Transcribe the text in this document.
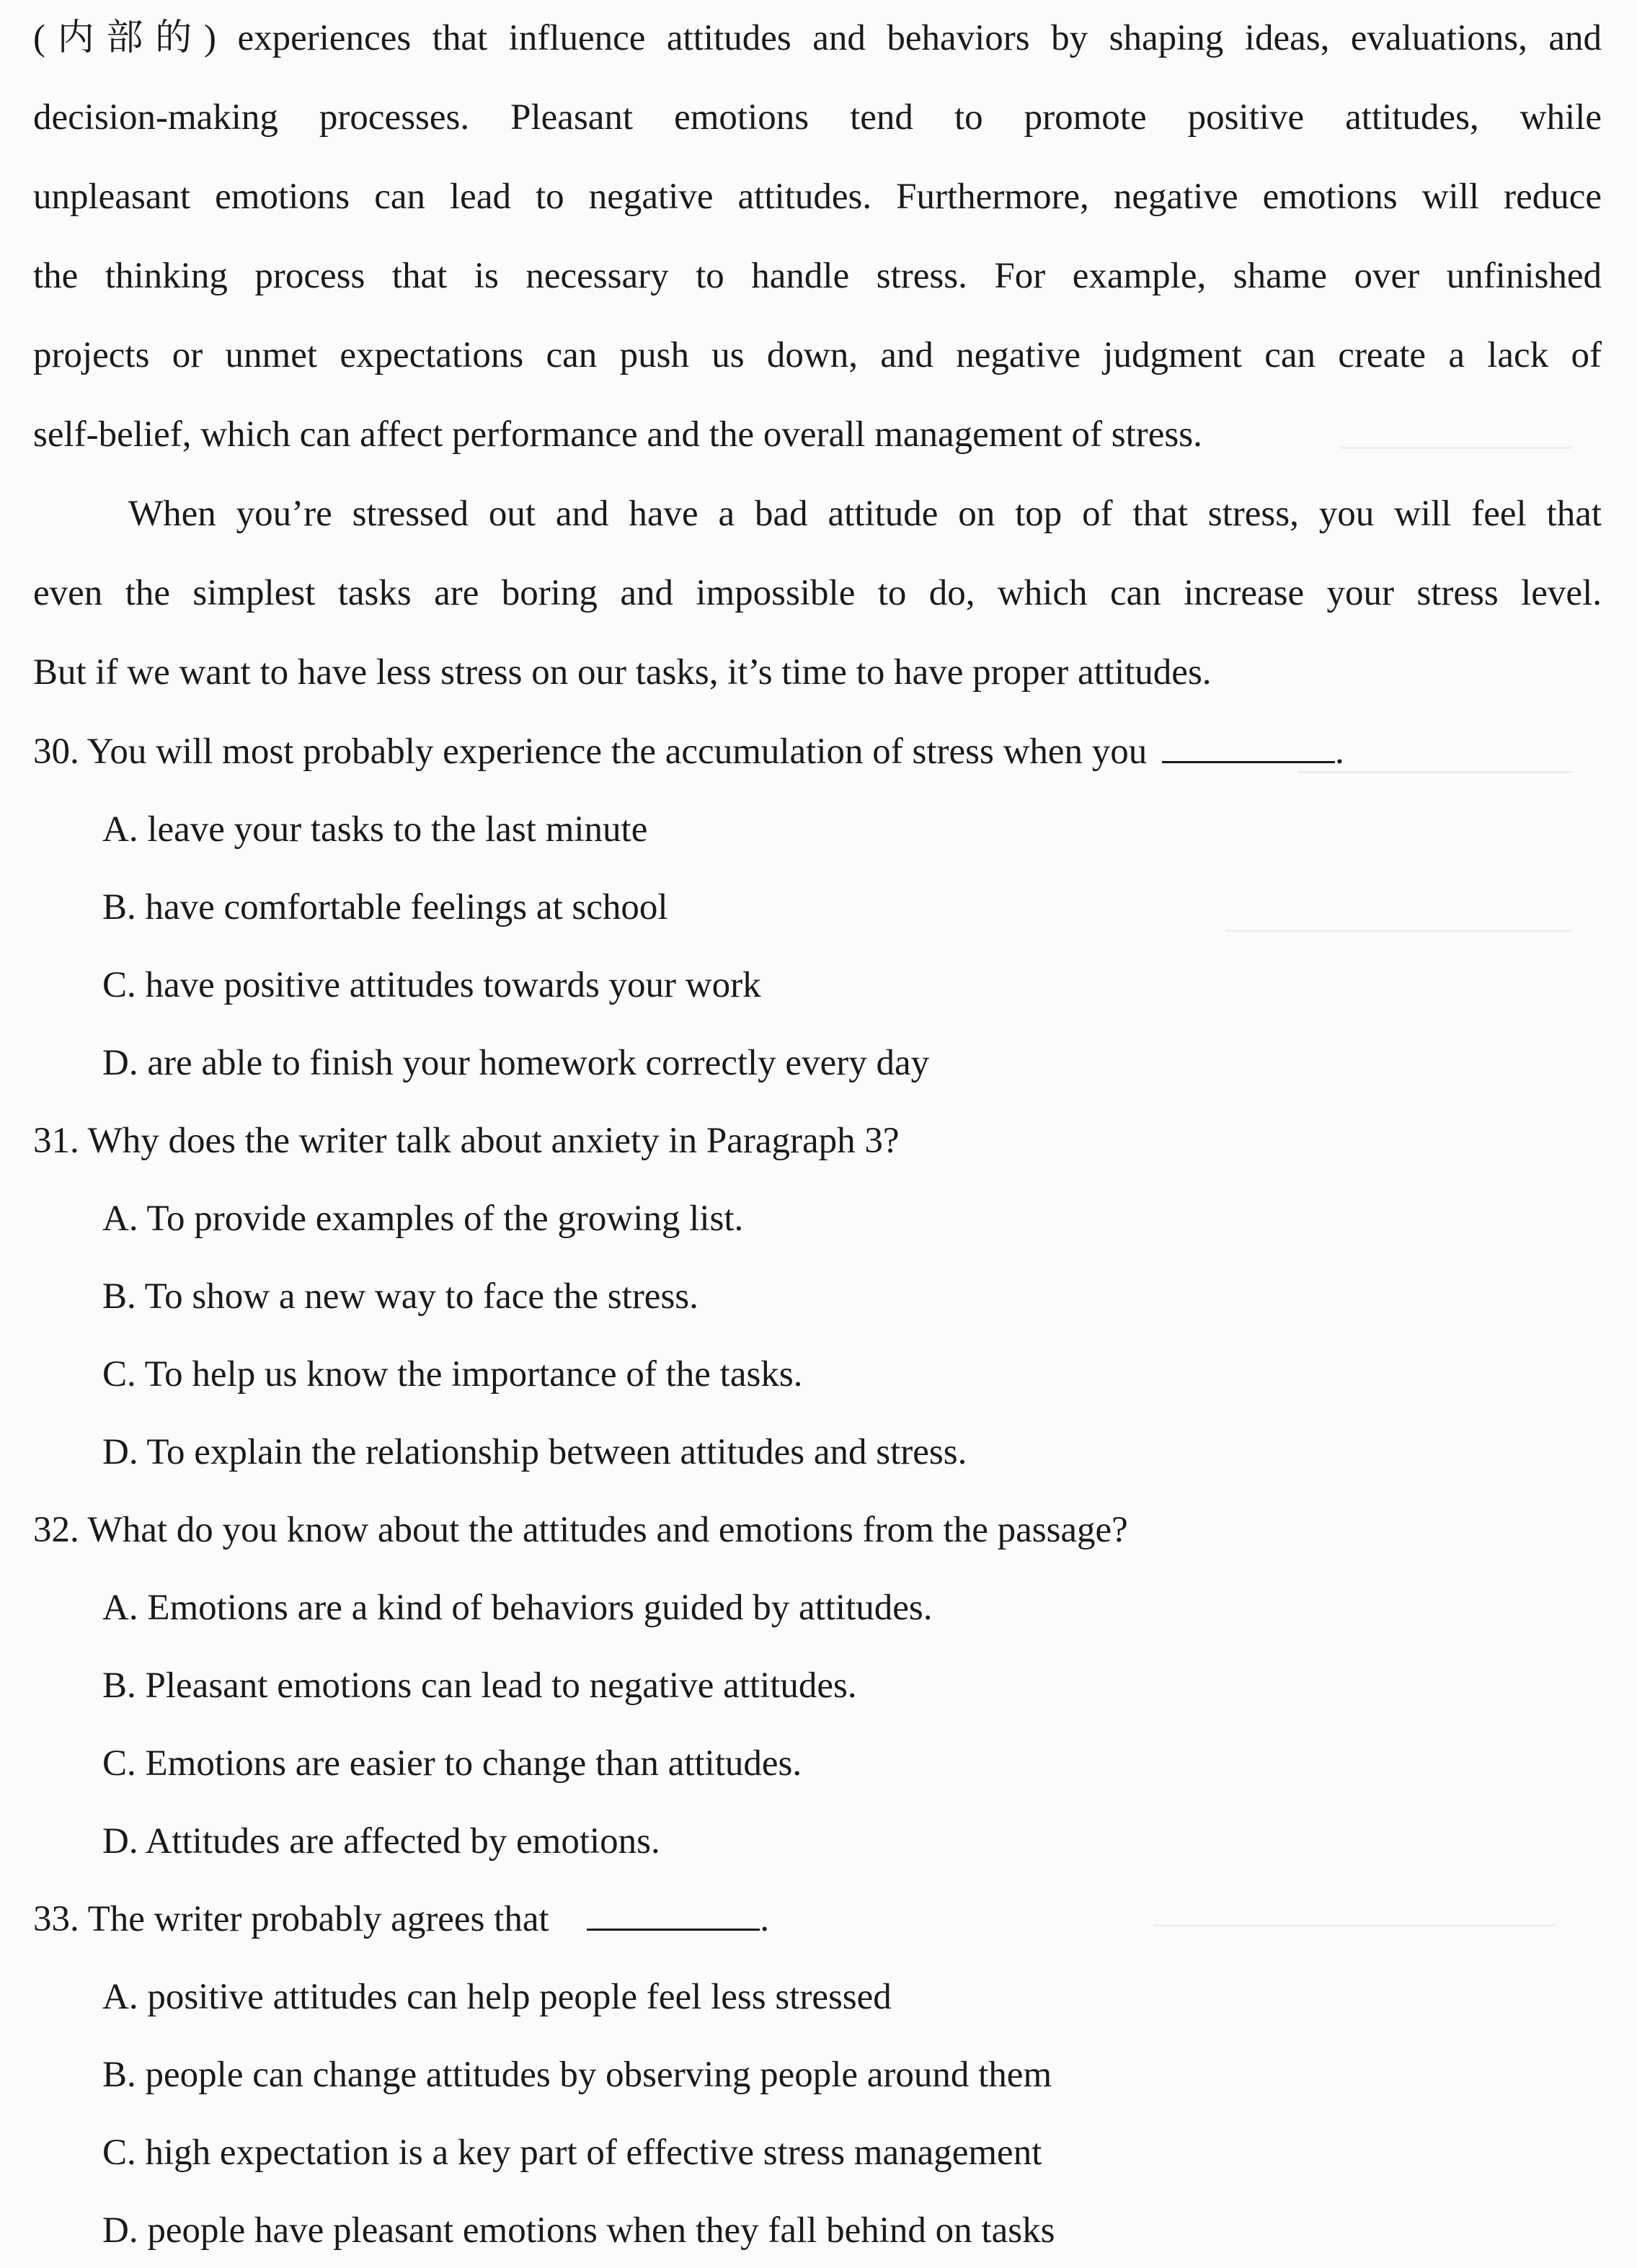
(内部的) experiences that influence attitudes and behaviors by shaping ideas, evaluations, and
decision-making processes. Pleasant emotions tend to promote positive attitudes, while
unpleasant emotions can lead to negative attitudes. Furthermore, negative emotions will reduce
the thinking process that is necessary to handle stress. For example, shame over unfinished
projects or unmet expectations can push us down, and negative judgment can create a lack of
self-belief, which can affect performance and the overall management of stress.
When you’re stressed out and have a bad attitude on top of that stress, you will feel that
even the simplest tasks are boring and impossible to do, which can increase your stress level.
But if we want to have less stress on our tasks, it’s time to have proper attitudes.
30. You will most probably experience the accumulation of stress when you	.
A. leave your tasks to the last minute
B. have comfortable feelings at school
C. have positive attitudes towards your work
D. are able to finish your homework correctly every day
31. Why does the writer talk about anxiety in Paragraph 3?
A. To provide examples of the growing list.
B. To show a new way to face the stress.
C. To help us know the importance of the tasks.
D. To explain the relationship between attitudes and stress.
32. What do you know about the attitudes and emotions from the passage?
A. Emotions are a kind of behaviors guided by attitudes.
B. Pleasant emotions can lead to negative attitudes.
C. Emotions are easier to change than attitudes.
D. Attitudes are affected by emotions.
33. The writer probably agrees that	.
A. positive attitudes can help people feel less stressed
B. people can change attitudes by observing people around them
C. high expectation is a key part of effective stress management
D. people have pleasant emotions when they fall behind on tasks
